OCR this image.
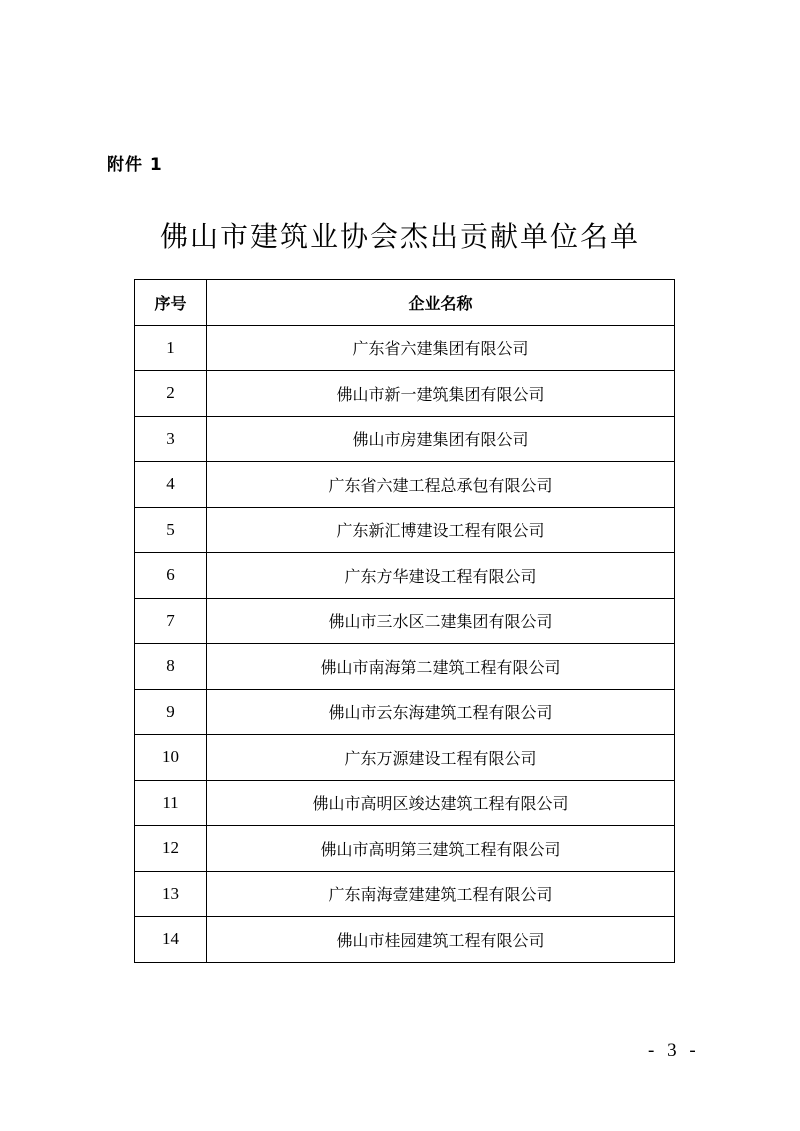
附件 1
佛山市建筑业协会杰出贡献单位名单
序号	企业名称
1	广东省六建集团有限公司
2	佛山市新一建筑集团有限公司
3	佛山市房建集团有限公司
4	广东省六建工程总承包有限公司
5	广东新汇博建设工程有限公司
6	广东方华建设工程有限公司
7	佛山市三水区二建集团有限公司
8	佛山市南海第二建筑工程有限公司
9	佛山市云东海建筑工程有限公司
10	广东万源建设工程有限公司
11	佛山市高明区竣达建筑工程有限公司
12	佛山市高明第三建筑工程有限公司
13	广东南海壹建建筑工程有限公司
14	佛山市桂园建筑工程有限公司
- 3 -
